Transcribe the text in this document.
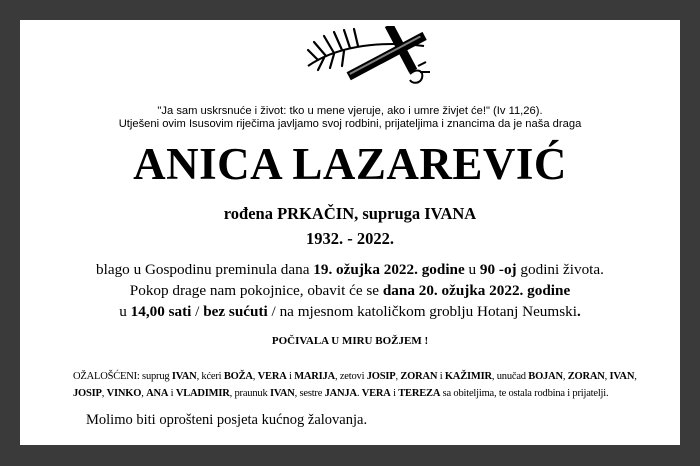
"Ja sam uskrsnuće i život: tko u mene vjeruje, ako i umre živjet će!" (Iv 11,26).
Utješeni ovim Isusovim riječima javljamo svoj rodbini, prijateljima i znancima da je naša draga
ANICA LAZAREVIĆ
rođena PRKAČIN, supruga IVANA
1932. - 2022.
blago u Gospodinu preminula dana 19. ožujka 2022. godine u 90 -oj godini života.
Pokop drage nam pokojnice, obavit će se dana 20. ožujka 2022. godine
u 14,00 sati / bez sućuti / na mjesnom katoličkom groblju Hotanj Neumski.
POČIVALA U MIRU BOŽJEM !
OŽALOŠĆENI: suprug IVAN, kćeri BOŽA, VERA i MARIJA, zetovi JOSIP, ZORAN i KAŽIMIR, unučad BOJAN, ZORAN, IVAN,
JOSIP, VINKO, ANA i VLADIMIR, praunuk IVAN, sestre JANJA. VERA i TEREZA sa obiteljima, te ostala rodbina i prijatelji.
Molimo biti oprošteni posjeta kućnog žalovanja.
